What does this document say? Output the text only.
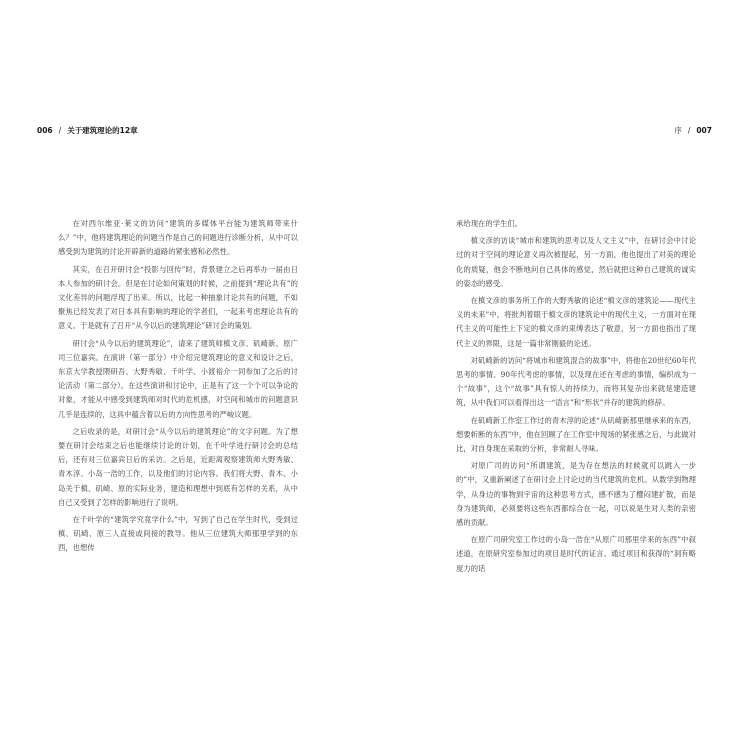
006 / 关于建筑理论的12章	序 / 007

在对西尔维亚·莱文的访问“建筑的多媒体平台能为建筑师带来什么？”中，他将建筑理论的问题当作是自己的问题进行诊断分析，从中可以感受到为建筑的讨论开辟新的道路的紧张感和必然性。

其实，在召开研讨会“投影与回传”时，背景建立之后再举办一届由日本人参加的研讨会。但是在讨论如何策划的时候，之前提到“理论共有”的文化差异的问题浮现了出来。所以，比起一种抽象讨论共有的问题，不如聚焦已经发表了对日本具有影响的理论的学者们，一起来考虑理论共有的意义。于是就有了召开“从今以后的建筑理论”研讨会的策划。

研讨会“从今以后的建筑理论”，请来了建筑师槙文彦、矶崎新、原广司三位嘉宾。在演讲（第一部分）中介绍完建筑理论的意义和设计之后，东京大学教授隈研吾、大野秀敏、千叶学、小渡裕介一同参加了之后的讨论活动（第二部分）。在这些演讲和讨论中，正是有了这一个个可以争论的对象，才能从中感受到建筑师对时代的危机感，对空间和城市的问题意识几乎是连续的，这具中蕴含着以后的方向性思考的严峻议题。

之后收录的是，对研讨会“从今以后的建筑理论”的文字问题。为了想要在研讨会结束之后也能继续讨论的计划，在千叶学进行研讨会的总结后，还有对三位嘉宾日后的采访。之后是，近距离观察建筑师大野秀敏、青木淳、小岛一浩的工作，以及他们的讨论内容。我们将大野、青木、小岛关于槙、矶崎、原的实际业务，建造和理想中到底有怎样的关系，从中自己又受到了怎样的影响进行了说明。

在千叶学的“建筑学究竟学什么”中，写到了自己在学生时代，受到过槙、矶崎、原三人直接或间接的教导。他从三位建筑大师那里学到的东西，也想传

承给现在的学生们。

槙文彦的访谈“城市和建筑的思考以及人文主义”中，在研讨会中讨论过的对于空间的理论意义再次被提起，另一方面，他也提出了对美的理论化的质疑，他会不断地问自己具体的感觉，然后就把这种自己建筑的诚实的姿态的感受。

在槙文彦的事务所工作的大野秀敏的论述“槙文彦的建筑论——现代主义的未来”中，将批判着眼于槙文彦的建筑论中的现代主义，一方面对在现代主义的可能性上下定的槙文彦的束缚表达了敬意，另一方面也指出了现代主义的界限，这是一篇非常刚毅的论述。

对矶崎新的访问“将城市和建筑混合的故事”中，将他在20世纪60年代思考的事情、90年代考虑的事情，以及现在还在考虑的事情，编织成为一个“故事”，这个“故事”具有惊人的持续力，而将其复杂出来就是建造建筑，从中我们可以看得出这一“语言”和“形状”并存的建筑的修辞。

在矶崎新工作室工作过的青木淳的论述“从矶崎新那里继承来的东西，想要斩断的东西”中，他在回顾了在工作室中现场的紧张感之后，与此做对比，对自身现在采取的分析，非常耐人寻味。

对原广司的访问“所谓建筑，是为存在想法的时候就可以跳入一步的”中，又重新阐述了在研讨会上讨论过的当代建筑的危机。从数学到物理学，从身边的事物到宇宙的这种思考方式，感不感为了樱闷建扩散，而是身为建筑师，必须要将这些东西都综合在一起，可以说是生对人类的亲密感的贡献。

在原广司研究室工作过的小岛一浩在“从原广司那里学来的东西”中叙述道，在原研究室参加过的项目是时代的证言。通过项目和获得的“洞有略度力的话
